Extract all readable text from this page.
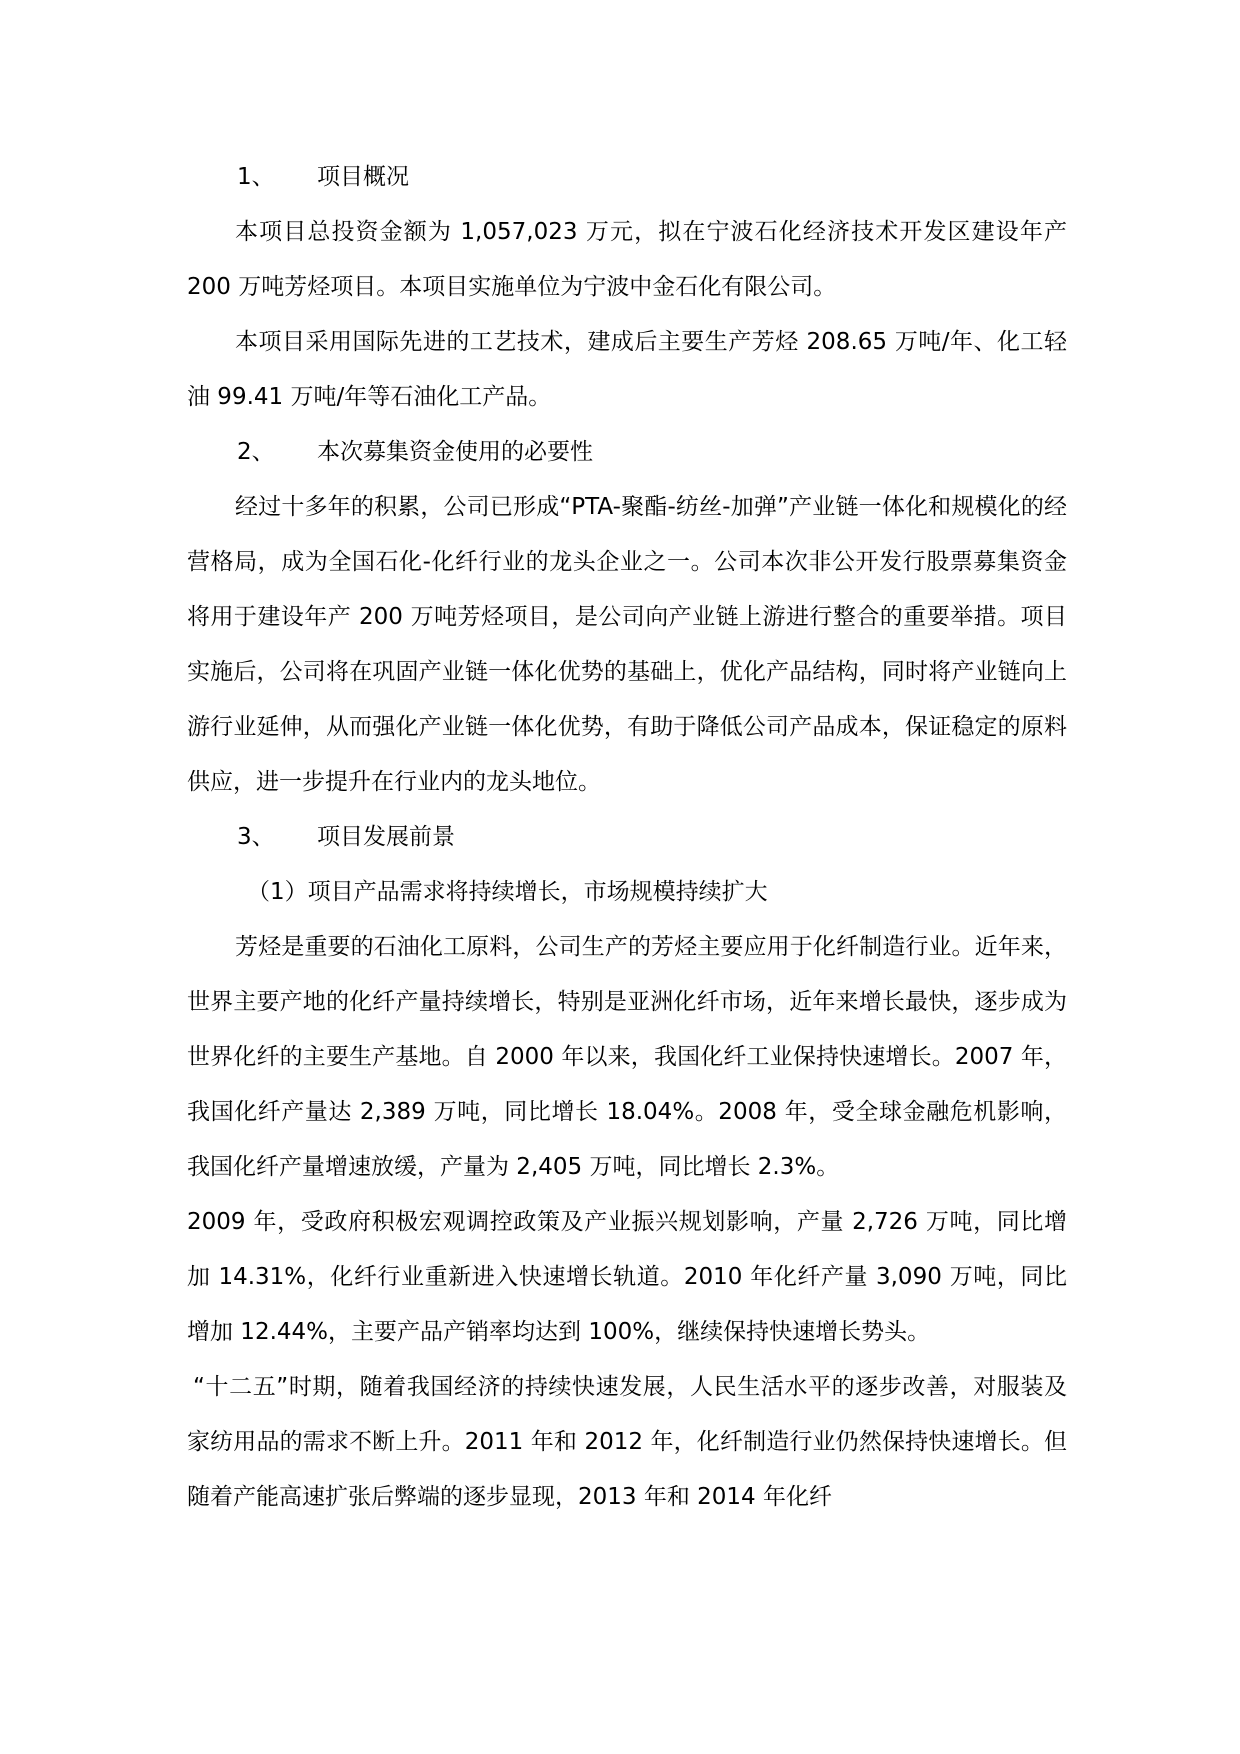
1、 项目概况

本项目总投资金额为 1,057,023 万元，拟在宁波石化经济技术开发区建设年产 200 万吨芳烃项目。本项目实施单位为宁波中金石化有限公司。

本项目采用国际先进的工艺技术，建成后主要生产芳烃 208.65 万吨/年、化工轻油 99.41 万吨/年等石油化工产品。

2、 本次募集资金使用的必要性

经过十多年的积累，公司已形成“PTA-聚酯-纺丝-加弹”产业链一体化和规模化的经营格局，成为全国石化-化纤行业的龙头企业之一。公司本次非公开发行股票募集资金将用于建设年产 200 万吨芳烃项目，是公司向产业链上游进行整合的重要举措。项目实施后，公司将在巩固产业链一体化优势的基础上，优化产品结构，同时将产业链向上游行业延伸，从而强化产业链一体化优势，有助于降低公司产品成本，保证稳定的原料供应，进一步提升在行业内的龙头地位。

3、 项目发展前景

（1）项目产品需求将持续增长，市场规模持续扩大

芳烃是重要的石油化工原料，公司生产的芳烃主要应用于化纤制造行业。近年来，世界主要产地的化纤产量持续增长，特别是亚洲化纤市场，近年来增长最快，逐步成为世界化纤的主要生产基地。自 2000 年以来，我国化纤工业保持快速增长。2007 年，我国化纤产量达 2,389 万吨，同比增长 18.04%。2008 年，受全球金融危机影响，我国化纤产量增速放缓，产量为 2,405 万吨，同比增长 2.3%。

2009 年，受政府积极宏观调控政策及产业振兴规划影响，产量 2,726 万吨，同比增加 14.31%，化纤行业重新进入快速增长轨道。2010 年化纤产量 3,090 万吨，同比增加 12.44%，主要产品产销率均达到 100%，继续保持快速增长势头。

“十二五”时期，随着我国经济的持续快速发展，人民生活水平的逐步改善，对服装及家纺用品的需求不断上升。2011 年和 2012 年，化纤制造行业仍然保持快速增长。但随着产能高速扩张后弊端的逐步显现，2013 年和 2014 年化纤
